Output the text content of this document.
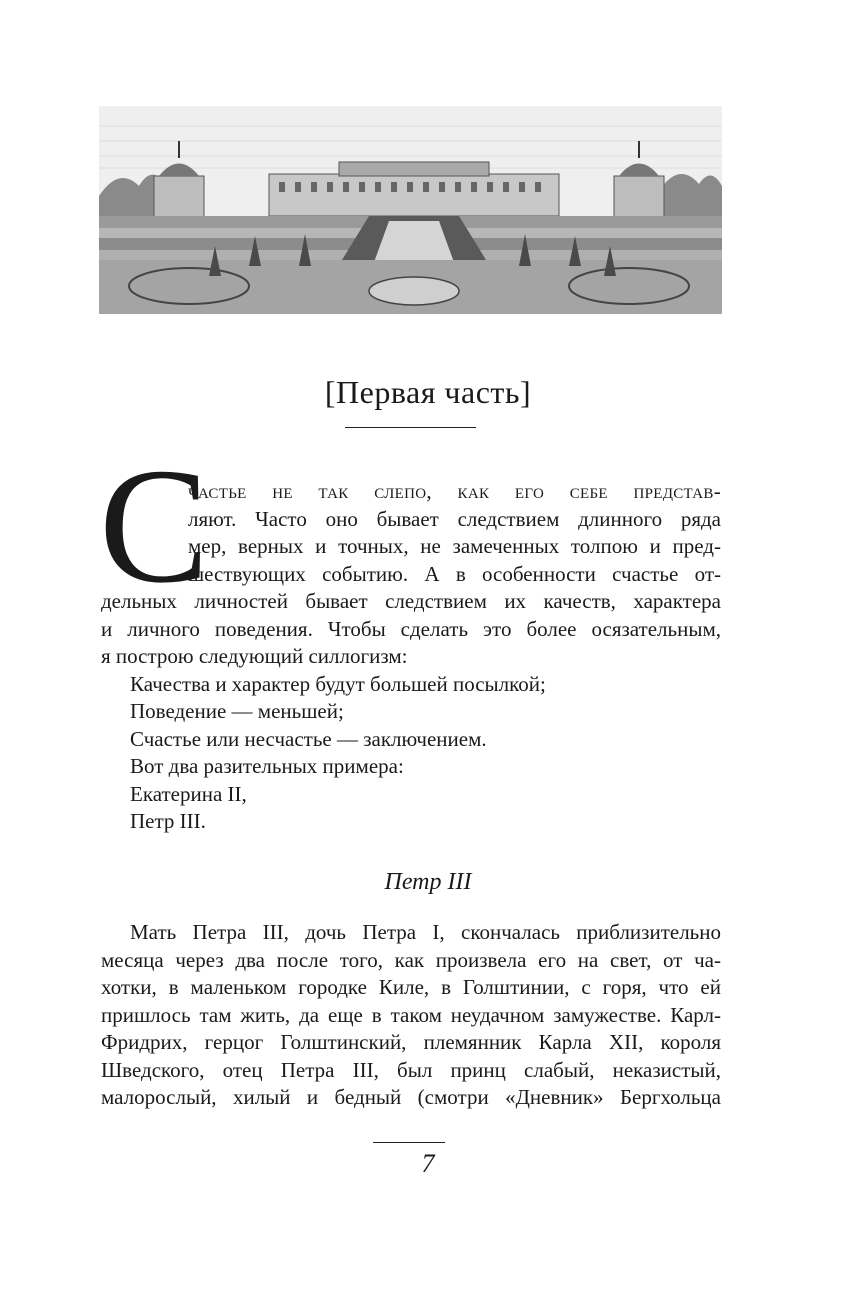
[Первая часть]
С
частье не так слепо, как его себе представ-
ляют. Часто оно бывает следствием длинного ряда
мер, верных и точных, не замеченных толпою и пред-
шествующих событию. А в особенности счастье от-
дельных личностей бывает следствием их качеств, характера
и личного поведения. Чтобы сделать это более осязательным,
я построю следующий силлогизм:
Качества и характер будут большей посылкой;
Поведение — меньшей;
Счастье или несчастье — заключением.
Вот два разительных примера:
Екатерина II,
Петр III.
Петр III
Мать Петра III, дочь Петра I, скончалась приблизительно
месяца через два после того, как произвела его на свет, от ча-
хотки, в маленьком городке Киле, в Голштинии, с горя, что ей
пришлось там жить, да еще в таком неудачном замужестве. Карл-
Фридрих, герцог Голштинский, племянник Карла XII, короля
Шведского, отец Петра III, был принц слабый, неказистый,
малорослый, хилый и бедный (смотри «Дневник» Бергхольца
7
